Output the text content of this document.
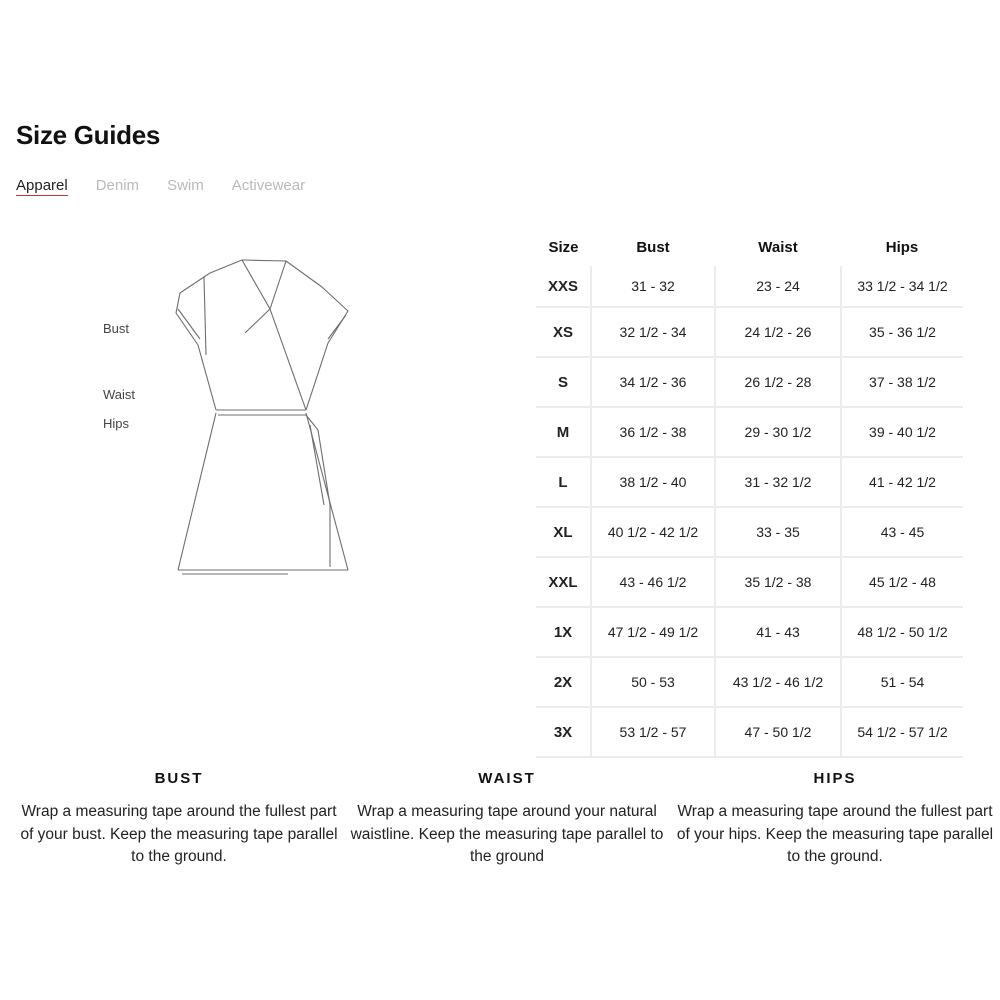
Size Guides
Apparel Denim Swim Activewear
Bust
Waist
Hips
Size	Bust	Waist	Hips
XXS	31 - 32	23 - 24	33 1/2 - 34 1/2
XS	32 1/2 - 34	24 1/2 - 26	35 - 36 1/2
S	34 1/2 - 36	26 1/2 - 28	37 - 38 1/2
M	36 1/2 - 38	29 - 30 1/2	39 - 40 1/2
L	38 1/2 - 40	31 - 32 1/2	41 - 42 1/2
XL	40 1/2 - 42 1/2	33 - 35	43 - 45
XXL	43 - 46 1/2	35 1/2 - 38	45 1/2 - 48
1X	47 1/2 - 49 1/2	41 - 43	48 1/2 - 50 1/2
2X	50 - 53	43 1/2 - 46 1/2	51 - 54
3X	53 1/2 - 57	47 - 50 1/2	54 1/2 - 57 1/2
BUST

Wrap a measuring tape around the fullest part of your bust. Keep the measuring tape parallel to the ground.

WAIST

Wrap a measuring tape around your natural waistline. Keep the measuring tape parallel to the ground

HIPS

Wrap a measuring tape around the fullest part of your hips. Keep the measuring tape parallel to the ground.
